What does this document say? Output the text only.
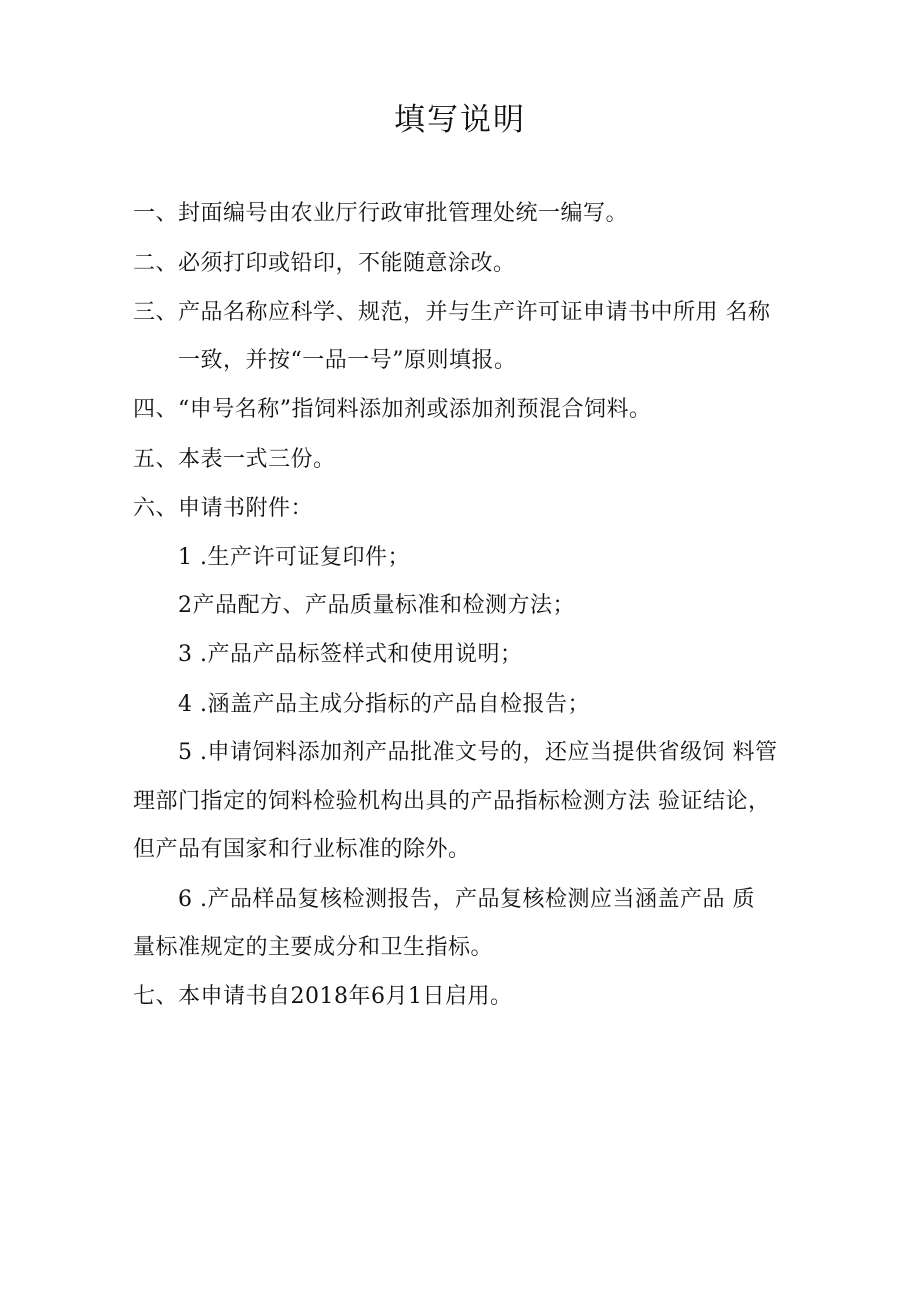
填写说明
一、封面编号由农业厅行政审批管理处统一编写。
二、必须打印或铅印，不能随意涂改。
三、产品名称应科学、规范，并与生产许可证申请书中所用 名称
一致，并按“一品一号”原则填报。
四、“申号名称”指饲料添加剂或添加剂预混合饲料。
五、本表一式三份。
六、申请书附件：
1 .生产许可证复印件；
2产品配方、产品质量标准和检测方法；
3 .产品产品标签样式和使用说明；
4 .涵盖产品主成分指标的产品自检报告；
5 .申请饲料添加剂产品批准文号的，还应当提供省级饲 料管
理部门指定的饲料检验机构出具的产品指标检测方法 验证结论，
但产品有国家和行业标准的除外。
6 .产品样品复核检测报告，产品复核检测应当涵盖产品 质
量标准规定的主要成分和卫生指标。
七、本申请书自2018年6月1日启用。
